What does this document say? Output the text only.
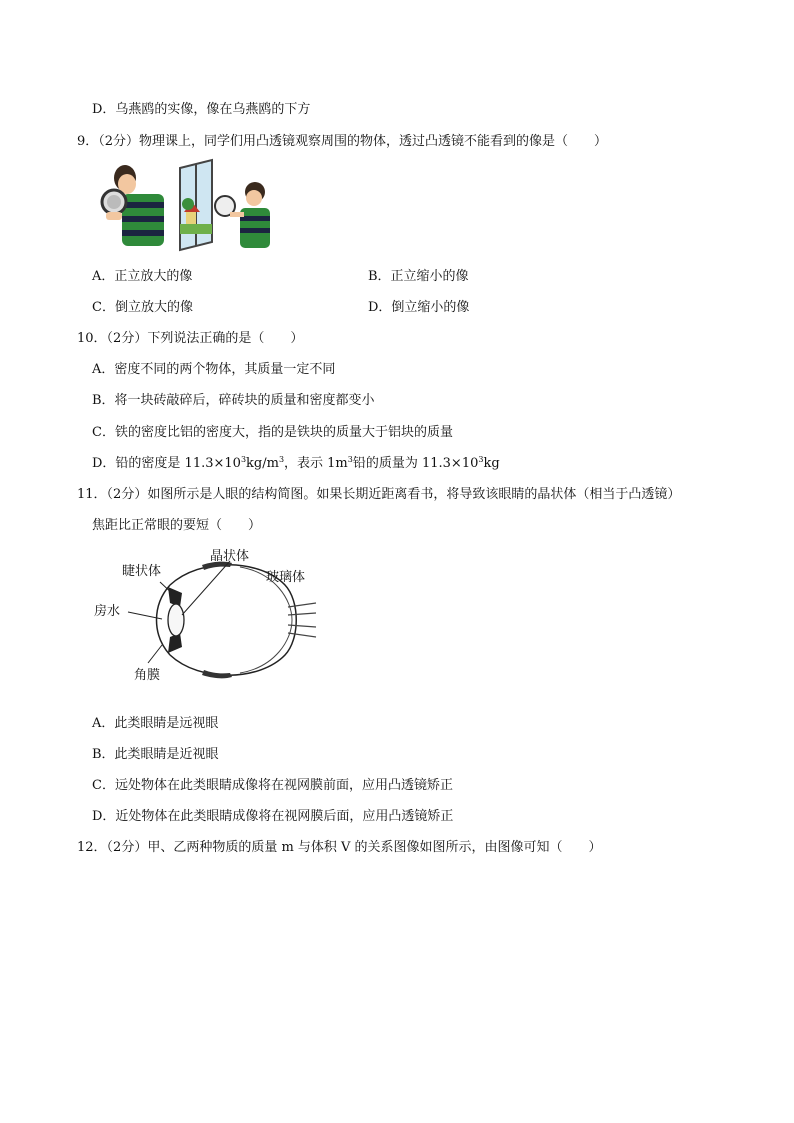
D．乌燕鸥的实像，像在乌燕鸥的下方
9．（2分）物理课上，同学们用凸透镜观察周围的物体，透过凸透镜不能看到的像是（　　）
A．正立放大的像	B．正立缩小的像
C．倒立放大的像	D．倒立缩小的像
10．（2分）下列说法正确的是（　　）
A．密度不同的两个物体，其质量一定不同
B．将一块砖敲碎后，碎砖块的质量和密度都变小
C．铁的密度比铝的密度大，指的是铁块的质量大于铝块的质量
D．铅的密度是 $11.3\times 10^3kg/m^3$，表示 $1m^3$铅的质量为 $11.3\times 10^3kg$
11．（2分）如图所示是人眼的结构简图。如果长期近距离看书，将导致该眼睛的晶状体（相当于凸透镜）
焦距比正常眼的要短（　　）
睫状体
晶状体
玻璃体
房水
角膜
A．此类眼睛是远视眼
B．此类眼睛是近视眼
C．远处物体在此类眼睛成像将在视网膜前面，应用凸透镜矫正
D．近处物体在此类眼睛成像将在视网膜后面，应用凸透镜矫正
12．（2分）甲、乙两种物质的质量 m 与体积 V 的关系图像如图所示，由图像可知（　　）
